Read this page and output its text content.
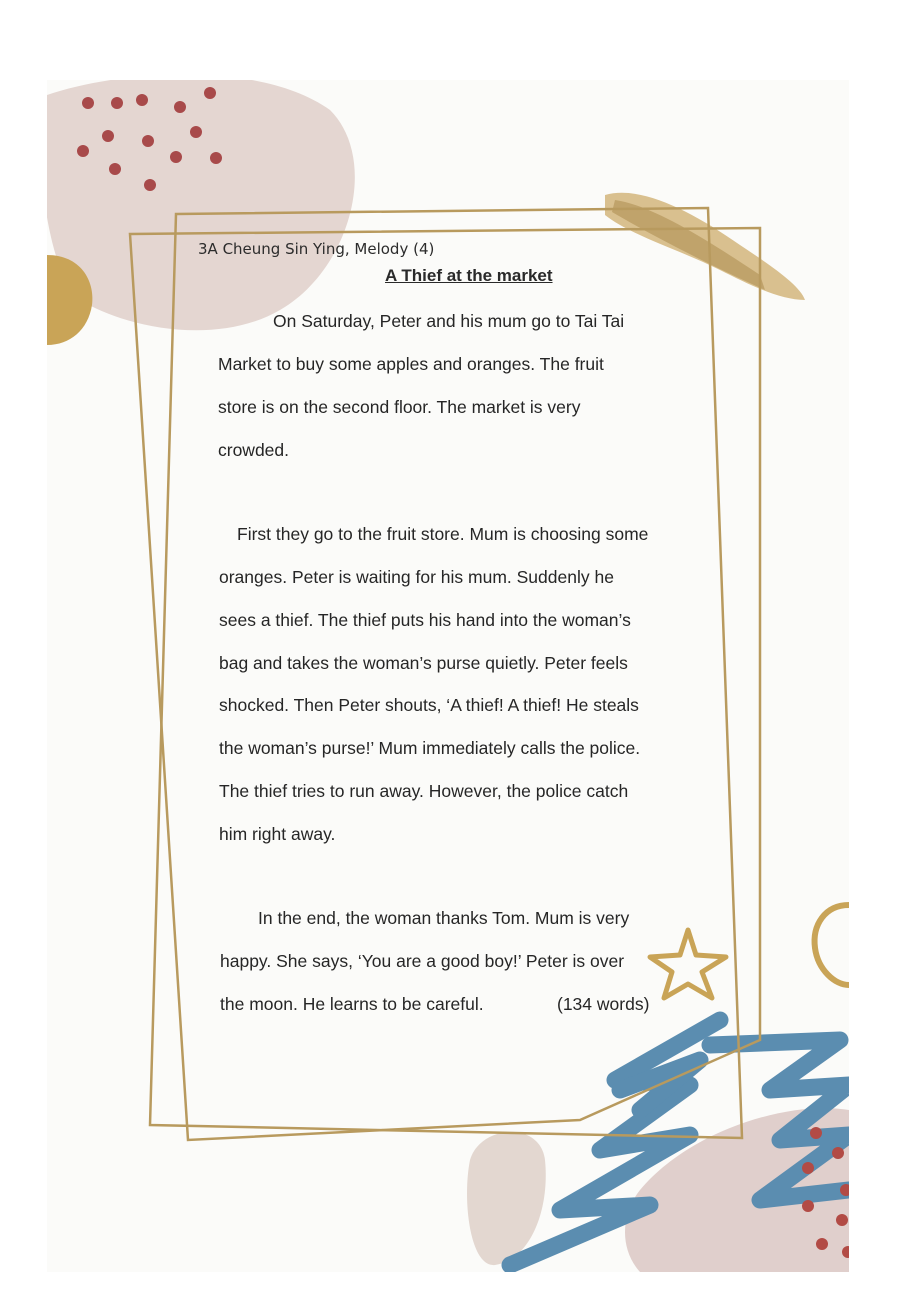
3A Cheung Sin Ying, Melody (4)
A Thief at the market
On Saturday, Peter and his mum go to Tai Tai
Market to buy some apples and oranges. The fruit
store is on the second floor. The market is very
crowded.
First they go to the fruit store. Mum is choosing some
oranges. Peter is waiting for his mum. Suddenly he
sees a thief. The thief puts his hand into the woman’s
bag and takes the woman’s purse quietly. Peter feels
shocked. Then Peter shouts, ‘A thief! A thief! He steals
the woman’s purse!’ Mum immediately calls the police.
The thief tries to run away. However, the police catch
him right away.
In the end, the woman thanks Tom. Mum is very
happy. She says, ‘You are a good boy!’ Peter is over
the moon. He learns to be careful.	(134 words)
